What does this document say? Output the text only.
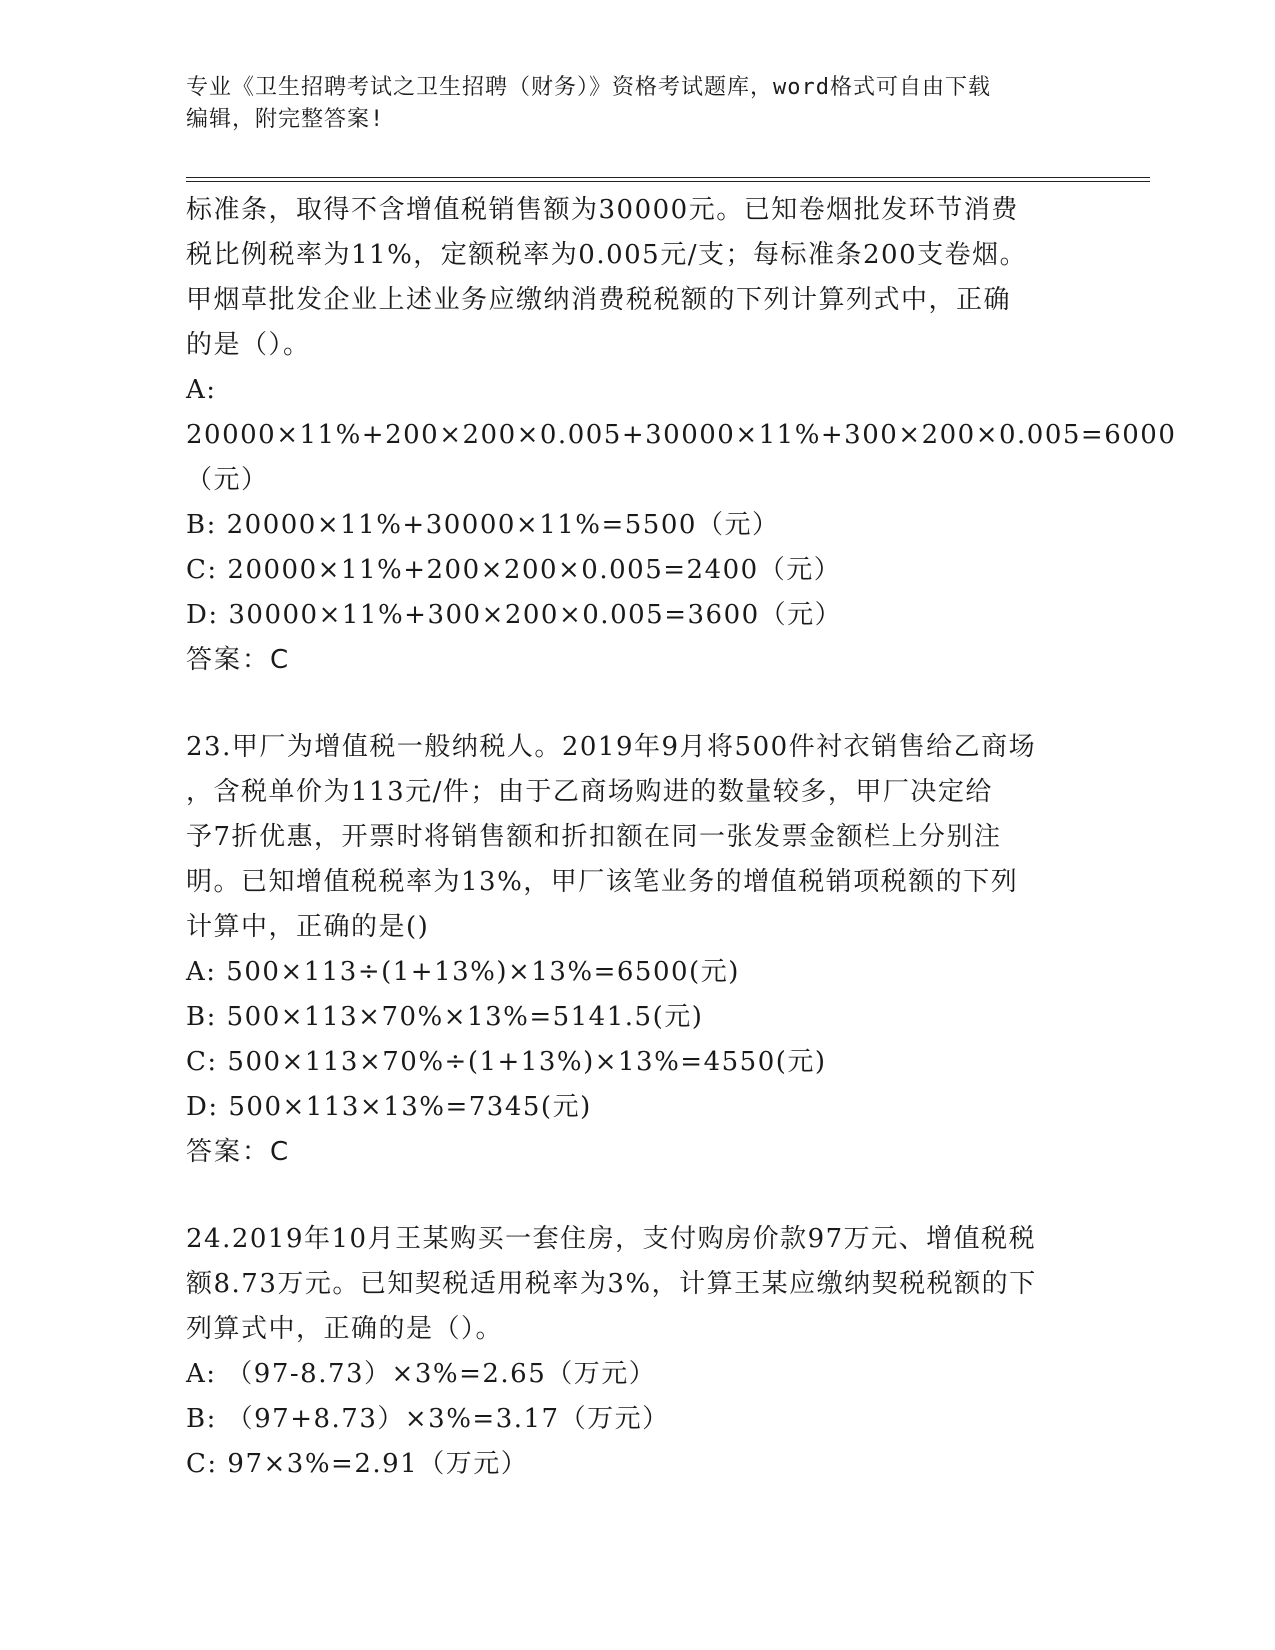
专业《卫生招聘考试之卫生招聘（财务）》资格考试题库，word格式可自由下载
编辑，附完整答案!

标准条，取得不含增值税销售额为30000元。已知卷烟批发环节消费

税比例税率为11%，定额税率为0.005元/支；每标准条200支卷烟。

甲烟草批发企业上述业务应缴纳消费税税额的下列计算列式中，正确

的是（）。

A: 20000×11%+200×200×0.005+30000×11%+300×200×0.005=6000

（元）

B: 20000×11%+30000×11%=5500（元）

C: 20000×11%+200×200×0.005=2400（元）

D: 30000×11%+300×200×0.005=3600（元）

答案：C

23.甲厂为增值税一般纳税人。2019年9月将500件衬衣销售给乙商场

，含税单价为113元/件；由于乙商场购进的数量较多，甲厂决定给

予7折优惠，开票时将销售额和折扣额在同一张发票金额栏上分别注

明。已知增值税税率为13%，甲厂该笔业务的增值税销项税额的下列

计算中，正确的是()

A: 500×113÷(1+13%)×13%=6500(元)

B: 500×113×70%×13%=5141.5(元)

C: 500×113×70%÷(1+13%)×13%=4550(元)

D: 500×113×13%=7345(元)

答案：C

24.2019年10月王某购买一套住房，支付购房价款97万元、增值税税

额8.73万元。已知契税适用税率为3%，计算王某应缴纳契税税额的下

列算式中，正确的是（）。

A: （97-8.73）×3%=2.65（万元）

B: （97+8.73）×3%=3.17（万元）

C: 97×3%=2.91（万元）
